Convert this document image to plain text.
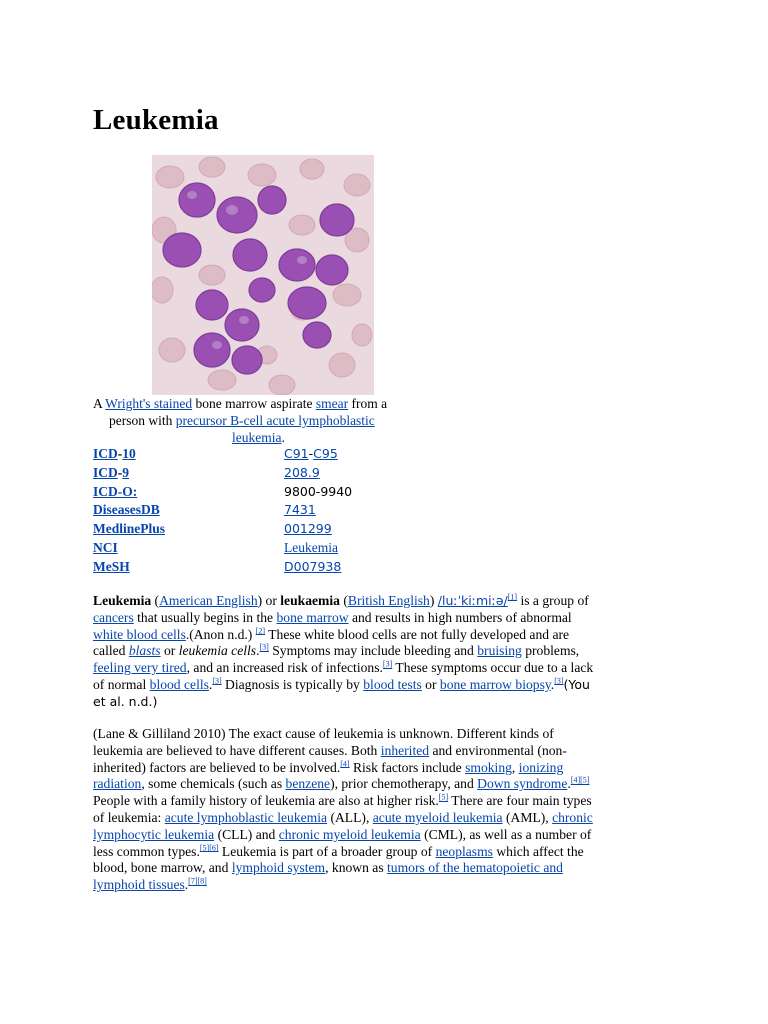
Leukemia
A Wright's stained bone marrow aspirate smear from a
person with precursor B-cell acute lymphoblastic
leukemia.
ICD-10	C91-C95
ICD-9	208.9
ICD-O:	9800-9940
DiseasesDB	7431
MedlinePlus	001299
NCI	Leukemia
MeSH	D007938

Leukemia (American English) or leukaemia (British English) /luːˈkiːmiːə/[1] is a group of
cancers that usually begins in the bone marrow and results in high numbers of abnormal
white blood cells.(Anon n.d.) [2] These white blood cells are not fully developed and are
called blasts or leukemia cells.[3] Symptoms may include bleeding and bruising problems,
feeling very tired, and an increased risk of infections.[3] These symptoms occur due to a lack
of normal blood cells.[3] Diagnosis is typically by blood tests or bone marrow biopsy.[3](You
et al. n.d.)

(Lane & Gilliland 2010) The exact cause of leukemia is unknown. Different kinds of
leukemia are believed to have different causes. Both inherited and environmental (non-
inherited) factors are believed to be involved.[4] Risk factors include smoking, ionizing
radiation, some chemicals (such as benzene), prior chemotherapy, and Down syndrome.[4][5]
People with a family history of leukemia are also at higher risk.[5] There are four main types
of leukemia: acute lymphoblastic leukemia (ALL), acute myeloid leukemia (AML), chronic
lymphocytic leukemia (CLL) and chronic myeloid leukemia (CML), as well as a number of
less common types.[5][6] Leukemia is part of a broader group of neoplasms which affect the
blood, bone marrow, and lymphoid system, known as tumors of the hematopoietic and
lymphoid tissues.[7][8]
